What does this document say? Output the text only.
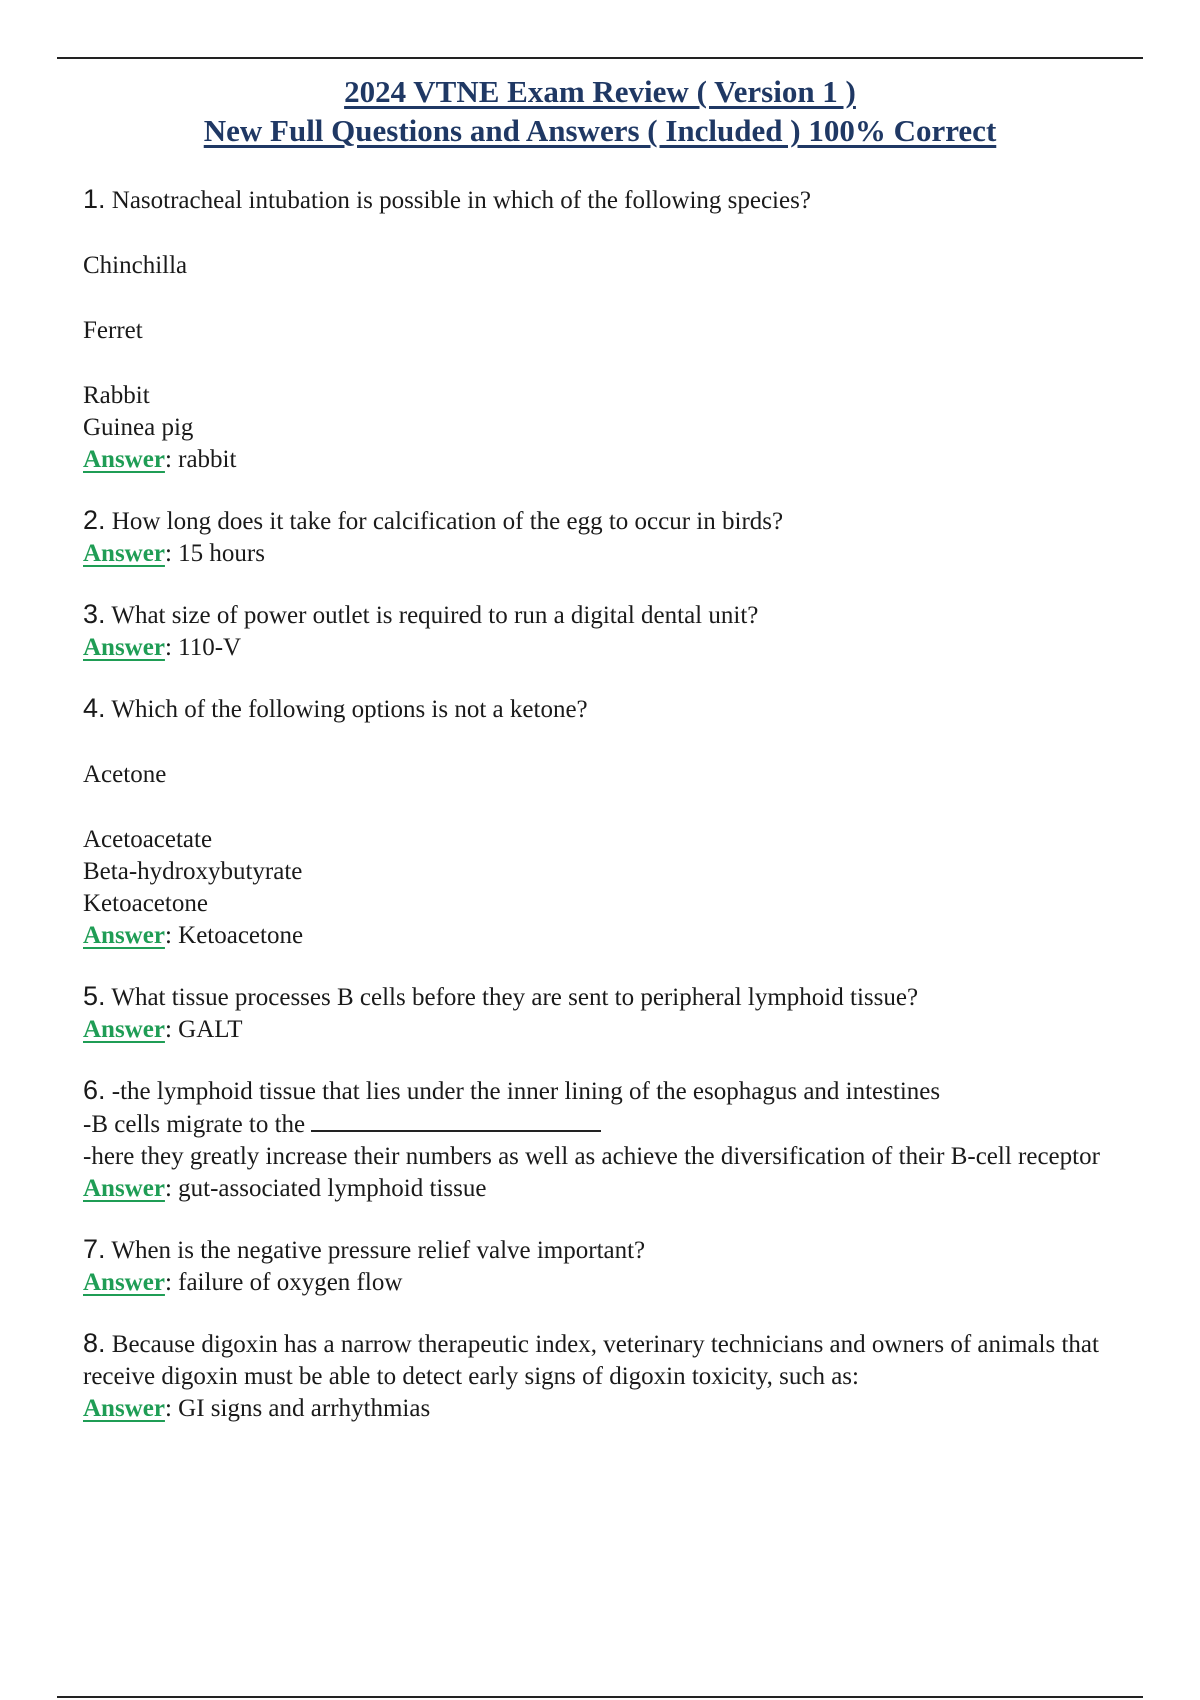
2024 VTNE Exam Review ( Version 1 )
New Full Questions and Answers ( Included ) 100% Correct

1. Nasotracheal intubation is possible in which of the following species?

Chinchilla

Ferret

Rabbit

Guinea pig

Answer: rabbit

2. How long does it take for calcification of the egg to occur in birds?

Answer: 15 hours

3. What size of power outlet is required to run a digital dental unit?

Answer: 110-V

4. Which of the following options is not a ketone?

Acetone

Acetoacetate

Beta-hydroxybutyrate

Ketoacetone

Answer: Ketoacetone

5. What tissue processes B cells before they are sent to peripheral lymphoid tissue?

Answer: GALT

6. -the lymphoid tissue that lies under the inner lining of the esophagus and intestines

-B cells migrate to the

-here they greatly increase their numbers as well as achieve the diversification of their B-cell receptor

Answer: gut-associated lymphoid tissue

7. When is the negative pressure relief valve important?

Answer: failure of oxygen flow

8. Because digoxin has a narrow therapeutic index, veterinary technicians and owners of animals that receive digoxin must be able to detect early signs of digoxin toxicity, such as:

Answer: GI signs and arrhythmias
